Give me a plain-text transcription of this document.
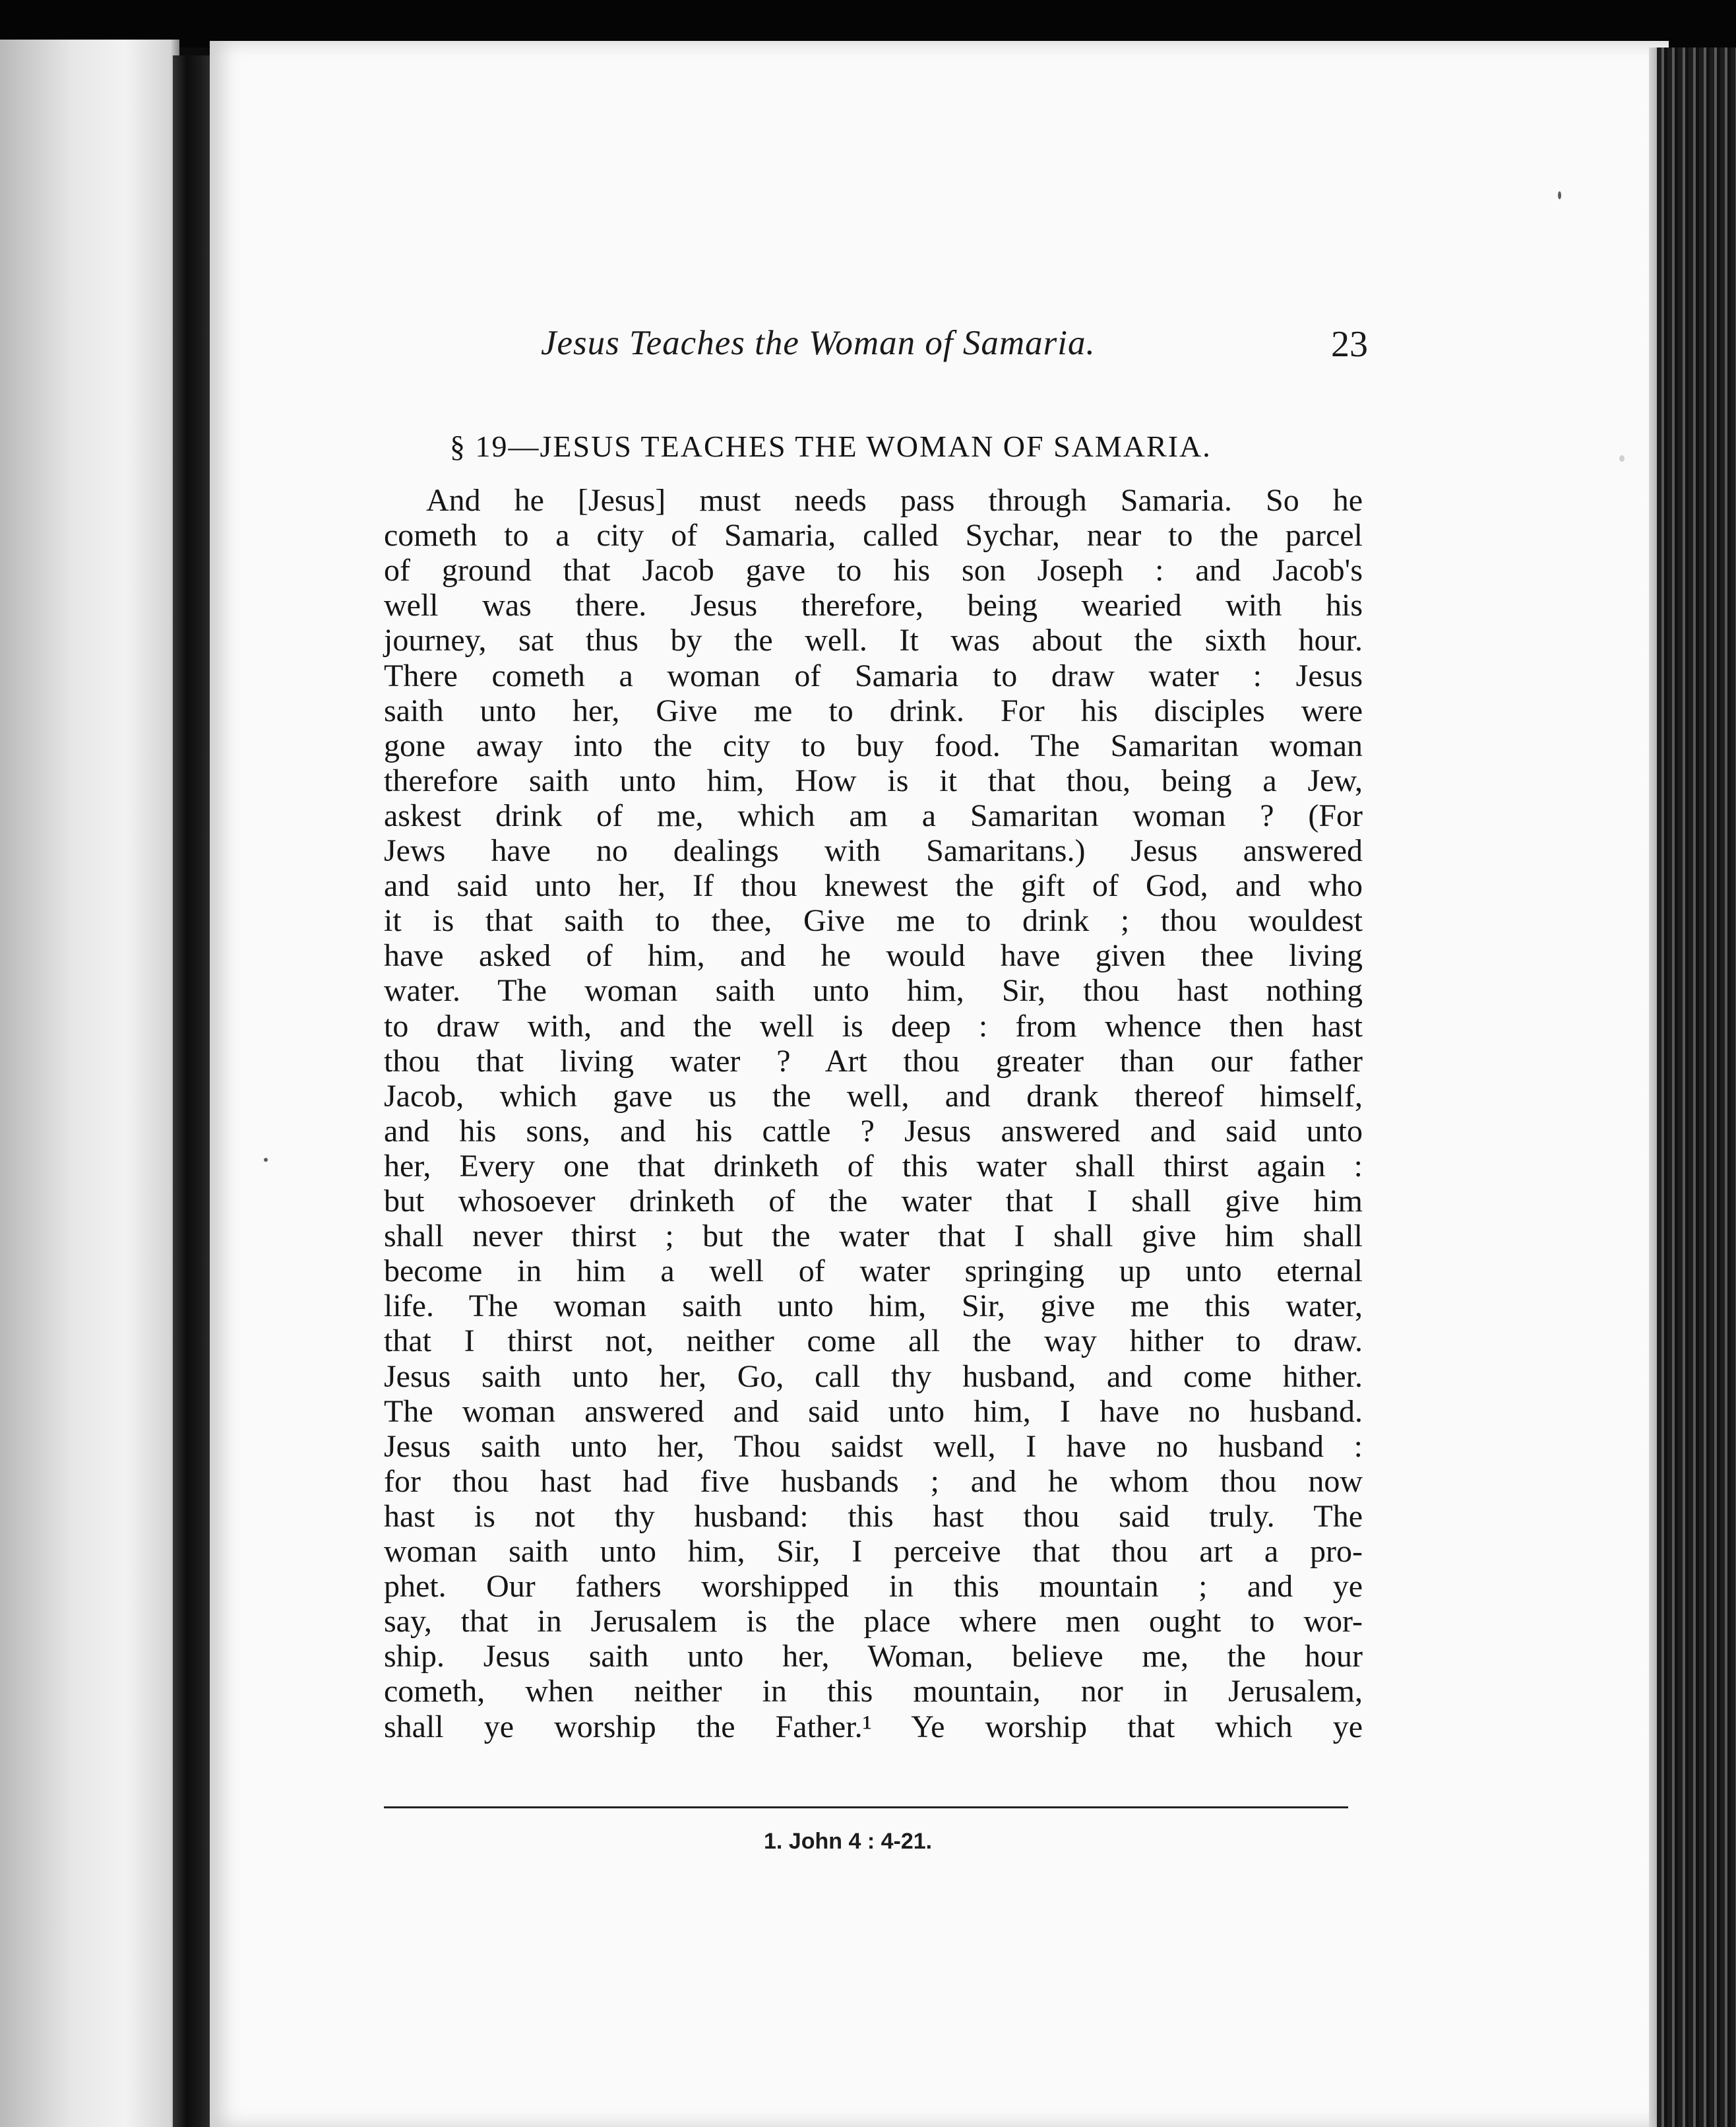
Jesus Teaches the Woman of Samaria.	23
§ 19—JESUS TEACHES THE WOMAN OF SAMARIA.

And he [Jesus] must needs pass through Samaria. So he

cometh to a city of Samaria, called Sychar, near to the parcel

of ground that Jacob gave to his son Joseph : and Jacob's

well was there. Jesus therefore, being wearied with his

journey, sat thus by the well. It was about the sixth hour.

There cometh a woman of Samaria to draw water : Jesus

saith unto her, Give me to drink. For his disciples were

gone away into the city to buy food. The Samaritan woman

therefore saith unto him, How is it that thou, being a Jew,

askest drink of me, which am a Samaritan woman ? (For

Jews have no dealings with Samaritans.) Jesus answered

and said unto her, If thou knewest the gift of God, and who

it is that saith to thee, Give me to drink ; thou wouldest

have asked of him, and he would have given thee living

water. The woman saith unto him, Sir, thou hast nothing

to draw with, and the well is deep : from whence then hast

thou that living water ? Art thou greater than our father

Jacob, which gave us the well, and drank thereof himself,

and his sons, and his cattle ? Jesus answered and said unto

her, Every one that drinketh of this water shall thirst again :

but whosoever drinketh of the water that I shall give him

shall never thirst ; but the water that I shall give him shall

become in him a well of water springing up unto eternal

life. The woman saith unto him, Sir, give me this water,

that I thirst not, neither come all the way hither to draw.

Jesus saith unto her, Go, call thy husband, and come hither.

The woman answered and said unto him, I have no husband.

Jesus saith unto her, Thou saidst well, I have no husband :

for thou hast had five husbands ; and he whom thou now

hast is not thy husband: this hast thou said truly. The

woman saith unto him, Sir, I perceive that thou art a pro-

phet. Our fathers worshipped in this mountain ; and ye

say, that in Jerusalem is the place where men ought to wor-

ship. Jesus saith unto her, Woman, believe me, the hour

cometh, when neither in this mountain, nor in Jerusalem,

shall ye worship the Father.¹ Ye worship that which ye

1. John 4 : 4-21.
